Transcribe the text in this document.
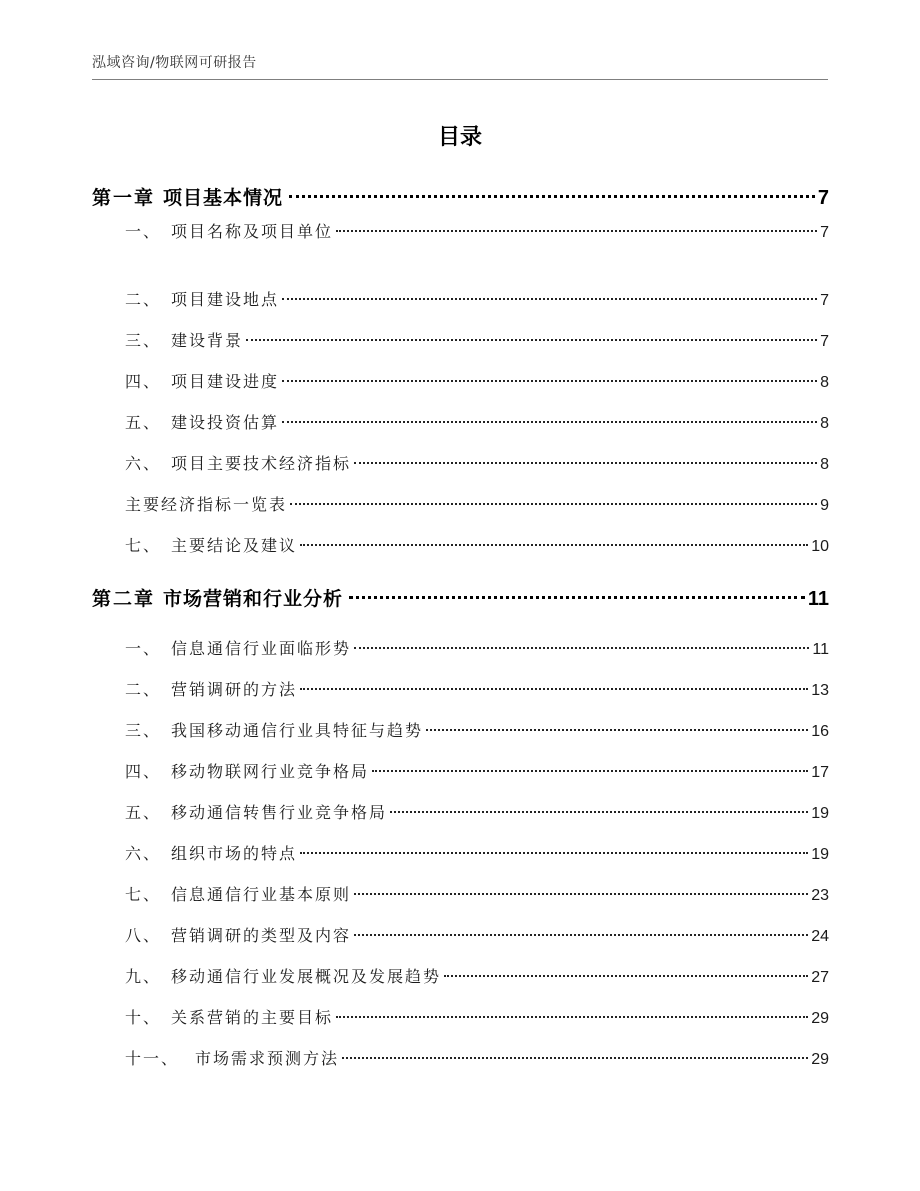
泓域咨询/物联网可研报告
目录
第一章 项目基本情况	7
一、 项目名称及项目单位	7
二、 项目建设地点	7
三、 建设背景	7
四、 项目建设进度	8
五、 建设投资估算	8
六、 项目主要技术经济指标	8
主要经济指标一览表	9
七、 主要结论及建议	10
第二章 市场营销和行业分析	11
一、 信息通信行业面临形势	11
二、 营销调研的方法	13
三、 我国移动通信行业具特征与趋势	16
四、 移动物联网行业竞争格局	17
五、 移动通信转售行业竞争格局	19
六、 组织市场的特点	19
七、 信息通信行业基本原则	23
八、 营销调研的类型及内容	24
九、 移动通信行业发展概况及发展趋势	27
十、 关系营销的主要目标	29
十一、 市场需求预测方法	29
